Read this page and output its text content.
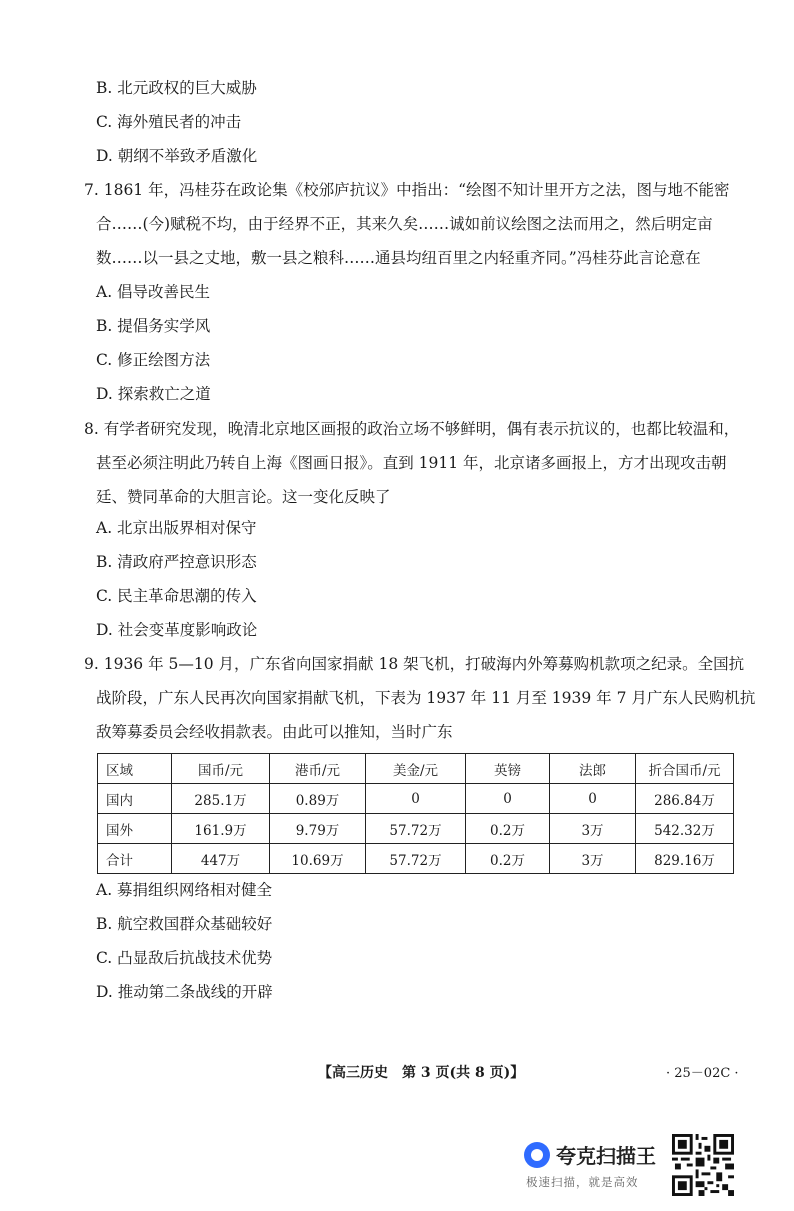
B. 北元政权的巨大威胁
C. 海外殖民者的冲击
D. 朝纲不举致矛盾激化
7. 1861 年，冯桂芬在政论集《校邠庐抗议》中指出：“绘图不知计里开方之法，图与地不能密
合……(今)赋税不均，由于经界不正，其来久矣……诚如前议绘图之法而用之，然后明定亩
数……以一县之丈地，敷一县之粮科……通县均纽百里之内轻重齐同。”冯桂芬此言论意在
A. 倡导改善民生
B. 提倡务实学风
C. 修正绘图方法
D. 探索救亡之道
8. 有学者研究发现，晚清北京地区画报的政治立场不够鲜明，偶有表示抗议的，也都比较温和，
甚至必须注明此乃转自上海《图画日报》。直到 1911 年，北京诸多画报上，方才出现攻击朝
廷、赞同革命的大胆言论。这一变化反映了
A. 北京出版界相对保守
B. 清政府严控意识形态
C. 民主革命思潮的传入
D. 社会变革度影响政论
9. 1936 年 5—10 月，广东省向国家捐献 18 架飞机，打破海内外筹募购机款项之纪录。全国抗
战阶段，广东人民再次向国家捐献飞机，下表为 1937 年 11 月至 1939 年 7 月广东人民购机抗
敌筹募委员会经收捐款表。由此可以推知，当时广东
区域	国币/元	港币/元	美金/元	英镑	法郎	折合国币/元
国内	285.1万	0.89万	0	0	0	286.84万
国外	161.9万	9.79万	57.72万	0.2万	3万	542.32万
合计	447万	10.69万	57.72万	0.2万	3万	829.16万
A. 募捐组织网络相对健全
B. 航空救国群众基础较好
C. 凸显敌后抗战技术优势
D. 推动第二条战线的开辟
【高三历史　第 3 页(共 8 页)】	· 25－02C ·
夸克扫描王
极速扫描，就是高效
